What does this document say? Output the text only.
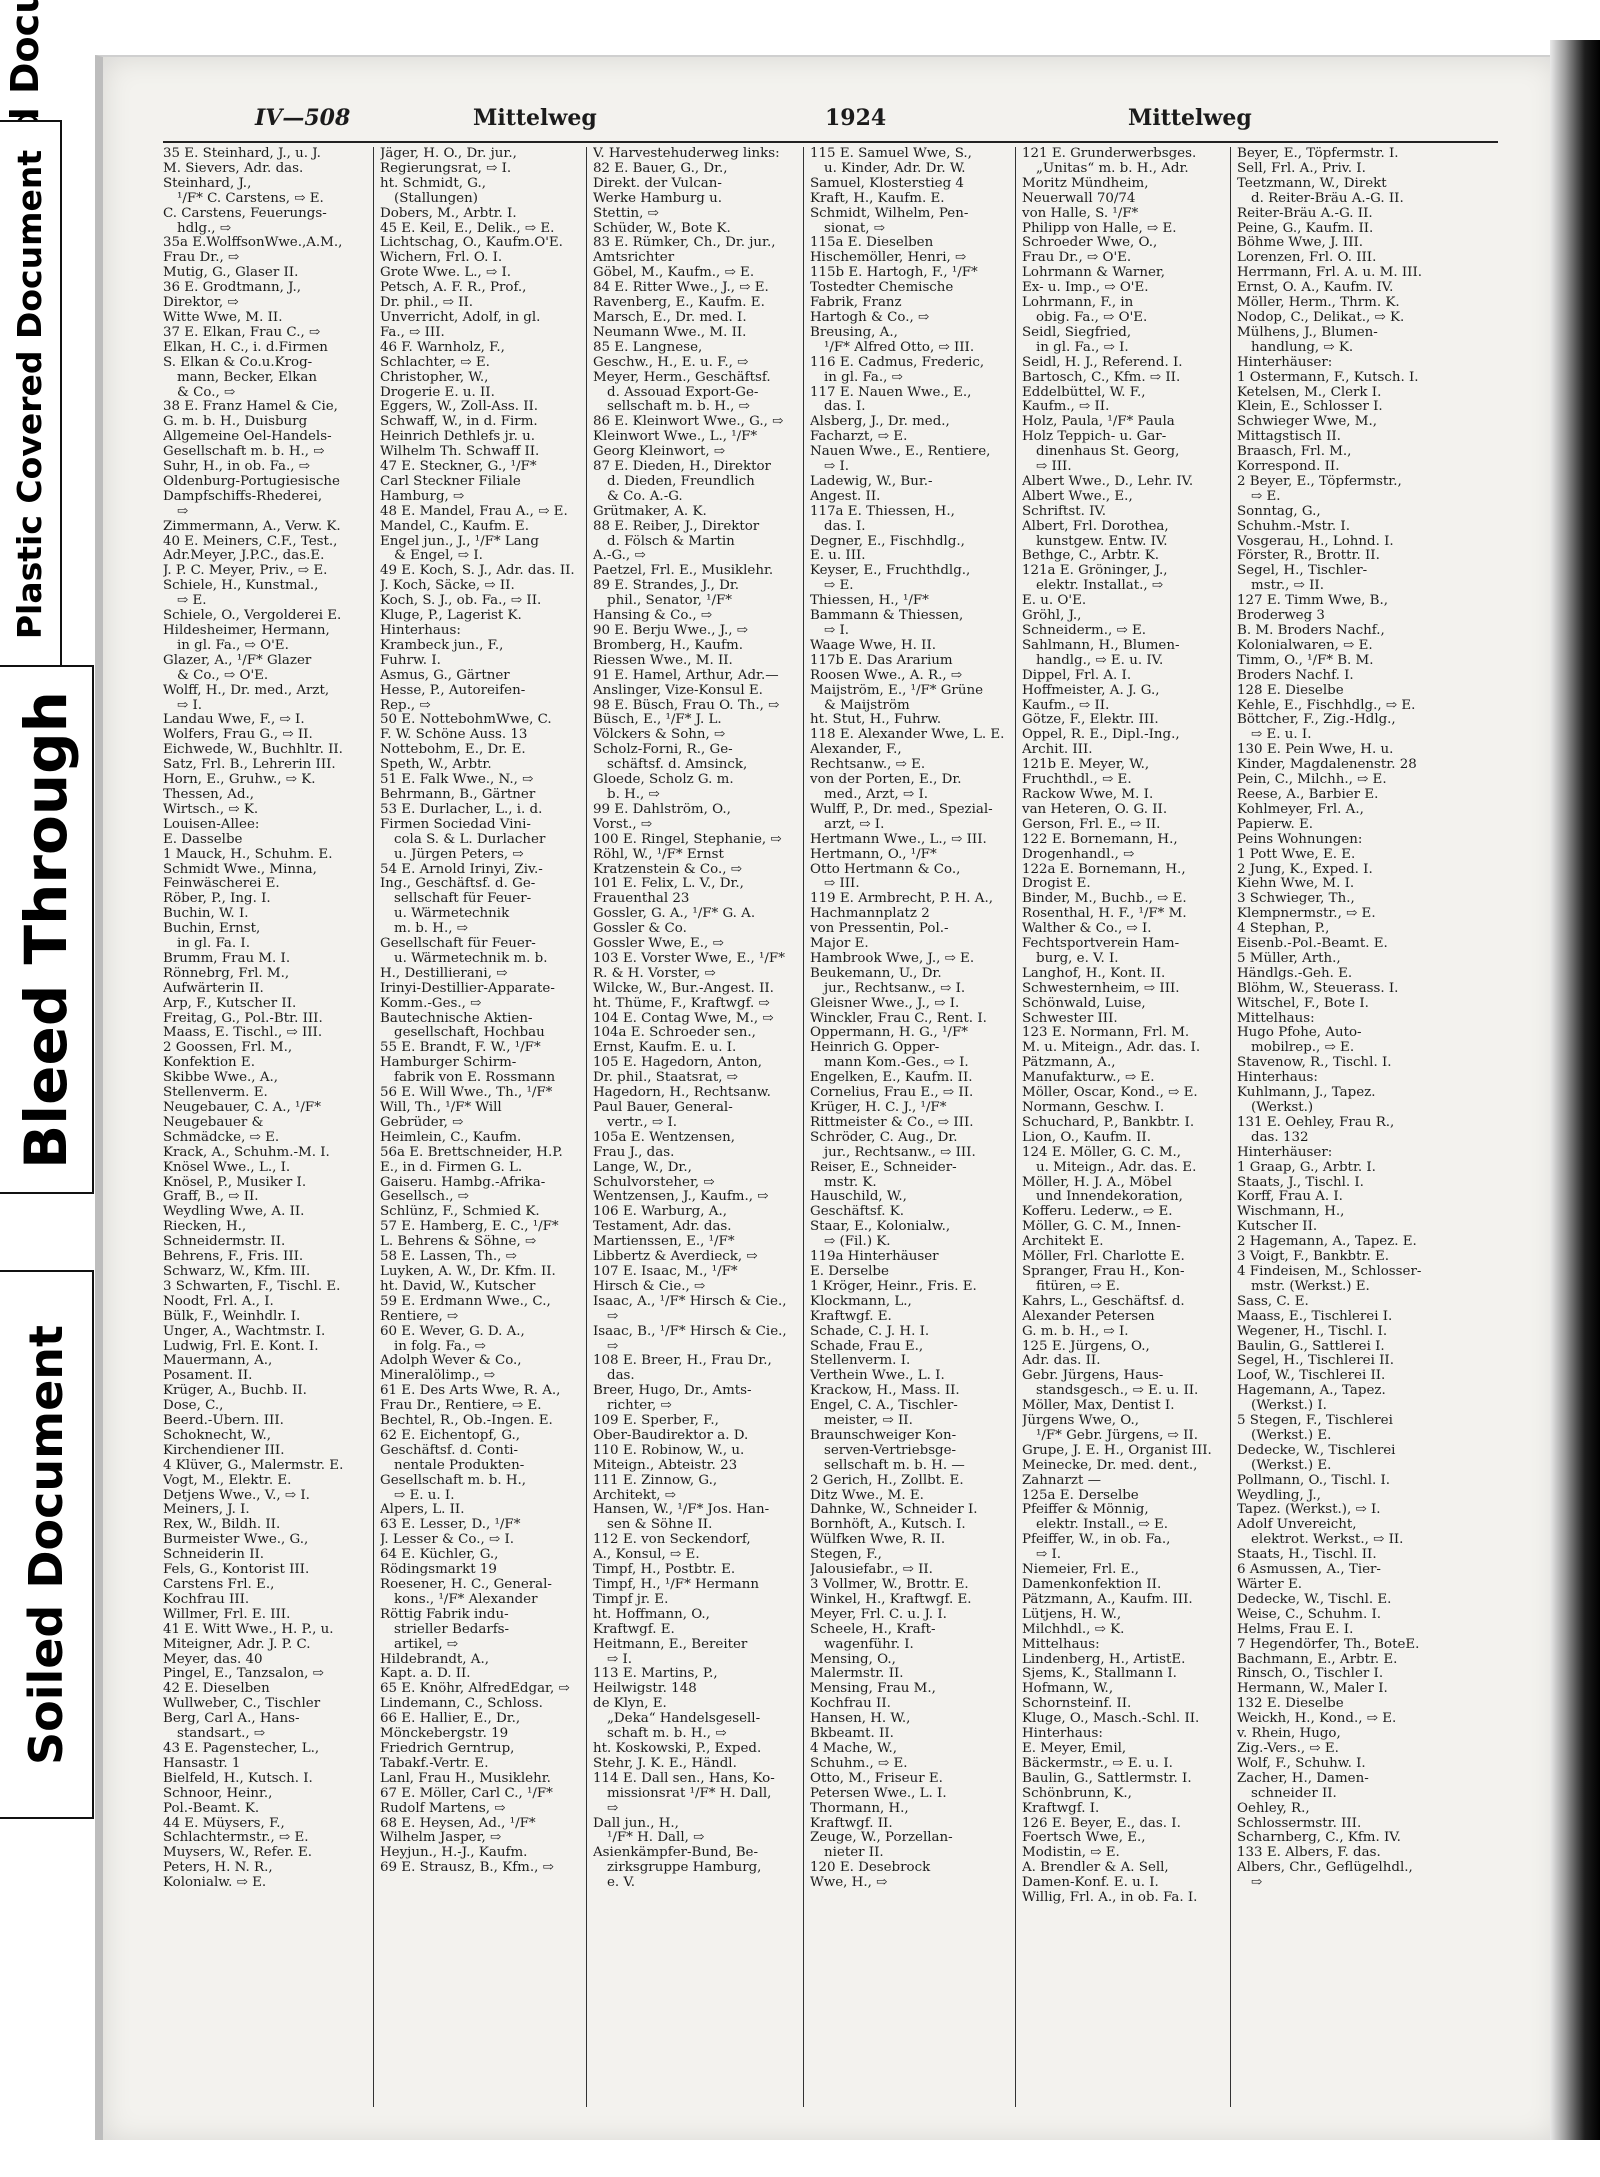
Plastic Covered Document
Bleed Through
Soiled Document
IV—508	Mittelweg	1924	Mittelweg
35 E. Steinhard, J., u. J.
M. Sievers, Adr. das.
Steinhard, J.,
¹/F* C. Carstens, ⇨ E.
C. Carstens, Feuerungs-
hdlg., ⇨
35a E.WolffsonWwe.,A.M.,
Frau Dr., ⇨
Mutig, G., Glaser II.
36 E. Grodtmann, J.,
Direktor, ⇨
Witte Wwe, M. II.
37 E. Elkan, Frau C., ⇨
Elkan, H. C., i. d.Firmen
S. Elkan & Co.u.Krog-
mann, Becker, Elkan
& Co., ⇨
38 E. Franz Hamel & Cie,
G. m. b. H., Duisburg
Allgemeine Oel-Handels-
Gesellschaft m. b. H., ⇨
Suhr, H., in ob. Fa., ⇨
Oldenburg-Portugiesische
Dampfschiffs-Rhederei,
⇨
Zimmermann, A., Verw. K.
40 E. Meiners, C.F., Test.,
Adr.Meyer, J.P.C., das.E.
J. P. C. Meyer, Priv., ⇨ E.
Schiele, H., Kunstmal.,
⇨ E.
Schiele, O., Vergolderei E.
Hildesheimer, Hermann,
in gl. Fa., ⇨ O'E.
Glazer, A., ¹/F* Glazer
& Co., ⇨ O'E.
Wolff, H., Dr. med., Arzt,
⇨ I.
Landau Wwe, F., ⇨ I.
Wolfers, Frau G., ⇨ II.
Eichwede, W., Buchhltr. II.
Satz, Frl. B., Lehrerin III.
Horn, E., Gruhw., ⇨ K.
Thessen, Ad.,
Wirtsch., ⇨ K.
Louisen-Allee:
E. Dasselbe
1 Mauck, H., Schuhm. E.
Schmidt Wwe., Minna,
Feinwäscherei E.
Röber, P., Ing. I.
Buchin, W. I.
Buchin, Ernst,
in gl. Fa. I.
Brumm, Frau M. I.
Rönnebrg, Frl. M.,
Aufwärterin II.
Arp, F., Kutscher II.
Freitag, G., Pol.-Btr. III.
Maass, E. Tischl., ⇨ III.
2 Goossen, Frl. M.,
Konfektion E.
Skibbe Wwe., A.,
Stellenverm. E.
Neugebauer, C. A., ¹/F*
Neugebauer &
Schmädcke, ⇨ E.
Krack, A., Schuhm.-M. I.
Knösel Wwe., L., I.
Knösel, P., Musiker I.
Graff, B., ⇨ II.
Weydling Wwe, A. II.
Riecken, H.,
Schneidermstr. II.
Behrens, F., Fris. III.
Schwarz, W., Kfm. III.
3 Schwarten, F., Tischl. E.
Noodt, Frl. A., I.
Bülk, F., Weinhdlr. I.
Unger, A., Wachtmstr. I.
Ludwig, Frl. E. Kont. I.
Mauermann, A.,
Posament. II.
Krüger, A., Buchb. II.
Dose, C.,
Beerd.-Übern. III.
Schoknecht, W.,
Kirchendiener III.
4 Klüver, G., Malermstr. E.
Vogt, M., Elektr. E.
Detjens Wwe., V., ⇨ I.
Meiners, J. I.
Rex, W., Bildh. II.
Burmeister Wwe., G.,
Schneiderin II.
Fels, G., Kontorist III.
Carstens Frl. E.,
Kochfrau III.
Willmer, Frl. E. III.
41 E. Witt Wwe., H. P., u.
Miteigner, Adr. J. P. C.
Meyer, das. 40
Pingel, E., Tanzsalon, ⇨
42 E. Dieselben
Wullweber, C., Tischler
Berg, Carl A., Hans-
standsart., ⇨
43 E. Pagenstecher, L.,
Hansastr. 1
Bielfeld, H., Kutsch. I.
Schnoor, Heinr.,
Pol.-Beamt. K.
44 E. Müysers, F.,
Schlachtermstr., ⇨ E.
Muysers, W., Refer. E.
Peters, H. N. R.,
Kolonialw. ⇨ E.
Jäger, H. O., Dr. jur.,
Regierungsrat, ⇨ I.
ht. Schmidt, G.,
(Stallungen)
Dobers, M., Arbtr. I.
45 E. Keil, E., Delik., ⇨ E.
Lichtschag, O., Kaufm.O'E.
Wichern, Frl. O. I.
Grote Wwe. L., ⇨ I.
Petsch, A. F. R., Prof.,
Dr. phil., ⇨ II.
Unverricht, Adolf, in gl.
Fa., ⇨ III.
46 F. Warnholz, F.,
Schlachter, ⇨ E.
Christopher, W.,
Drogerie E. u. II.
Eggers, W., Zoll-Ass. II.
Schwaff, W., in d. Firm.
Heinrich Dethlefs jr. u.
Wilhelm Th. Schwaff II.
47 E. Steckner, G., ¹/F*
Carl Steckner Filiale
Hamburg, ⇨
48 E. Mandel, Frau A., ⇨ E.
Mandel, C., Kaufm. E.
Engel jun., J., ¹/F* Lang
& Engel, ⇨ I.
49 E. Koch, S. J., Adr. das. II.
J. Koch, Säcke, ⇨ II.
Koch, S. J., ob. Fa., ⇨ II.
Kluge, P., Lagerist K.
Hinterhaus:
Krambeck jun., F.,
Fuhrw. I.
Asmus, G., Gärtner
Hesse, P., Autoreifen-
Rep., ⇨
50 E. NottebohmWwe, C.
F. W. Schöne Auss. 13
Nottebohm, E., Dr. E.
Speth, W., Arbtr.
51 E. Falk Wwe., N., ⇨
Behrmann, B., Gärtner
53 E. Durlacher, L., i. d.
Firmen Sociedad Vini-
cola S. & L. Durlacher
u. Jürgen Peters, ⇨
54 E. Arnold Irinyi, Ziv.-
Ing., Geschäftsf. d. Ge-
sellschaft für Feuer-
u. Wärmetechnik
m. b. H., ⇨
Gesellschaft für Feuer-
u. Wärmetechnik m. b.
H., Destillierani, ⇨
Irinyi-Destillier-Apparate-
Komm.-Ges., ⇨
Bautechnische Aktien-
gesellschaft, Hochbau
55 E. Brandt, F. W., ¹/F*
Hamburger Schirm-
fabrik von E. Rossmann
56 E. Will Wwe., Th., ¹/F*
Will, Th., ¹/F* Will
Gebrüder, ⇨
Heimlein, C., Kaufm.
56a E. Brettschneider, H.P.
E., in d. Firmen G. L.
Gaiseru. Hambg.-Afrika-
Gesellsch., ⇨
Schlünz, F., Schmied K.
57 E. Hamberg, E. C., ¹/F*
L. Behrens & Söhne, ⇨
58 E. Lassen, Th., ⇨
Luyken, A. W., Dr. Kfm. II.
ht. David, W., Kutscher
59 E. Erdmann Wwe., C.,
Rentiere, ⇨
60 E. Wever, G. D. A.,
in folg. Fa., ⇨
Adolph Wever & Co.,
Mineralölimp., ⇨
61 E. Des Arts Wwe, R. A.,
Frau Dr., Rentiere, ⇨ E.
Bechtel, R., Ob.-Ingen. E.
62 E. Eichentopf, G.,
Geschäftsf. d. Conti-
nentale Produkten-
Gesellschaft m. b. H.,
⇨ E. u. I.
Alpers, L. II.
63 E. Lesser, D., ¹/F*
J. Lesser & Co., ⇨ I.
64 E. Küchler, G.,
Rödingsmarkt 19
Roesener, H. C., General-
kons., ¹/F* Alexander
Röttig Fabrik indu-
strieller Bedarfs-
artikel, ⇨
Hildebrandt, A.,
Kapt. a. D. II.
65 E. Knöhr, AlfredEdgar, ⇨
Lindemann, C., Schloss.
66 E. Hallier, E., Dr.,
Mönckebergstr. 19
Friedrich Gerntrup,
Tabakf.-Vertr. E.
Lanl, Frau H., Musiklehr.
67 E. Möller, Carl C., ¹/F*
Rudolf Martens, ⇨
68 E. Heysen, Ad., ¹/F*
Wilhelm Jasper, ⇨
Heyjun., H.-J., Kaufm.
69 E. Strausz, B., Kfm., ⇨
V. Harvestehuderweg links:
82 E. Bauer, G., Dr.,
Direkt. der Vulcan-
Werke Hamburg u.
Stettin, ⇨
Schüder, W., Bote K.
83 E. Rümker, Ch., Dr. jur.,
Amtsrichter
Göbel, M., Kaufm., ⇨ E.
84 E. Ritter Wwe., J., ⇨ E.
Ravenberg, E., Kaufm. E.
Marsch, E., Dr. med. I.
Neumann Wwe., M. II.
85 E. Langnese,
Geschw., H., E. u. F., ⇨
Meyer, Herm., Geschäftsf.
d. Assouad Export-Ge-
sellschaft m. b. H., ⇨
86 E. Kleinwort Wwe., G., ⇨
Kleinwort Wwe., L., ¹/F*
Georg Kleinwort, ⇨
87 E. Dieden, H., Direktor
d. Dieden, Freundlich
& Co. A.-G.
Grütmaker, A. K.
88 E. Reiber, J., Direktor
d. Fölsch & Martin
A.-G., ⇨
Paetzel, Frl. E., Musiklehr.
89 E. Strandes, J., Dr.
phil., Senator, ¹/F*
Hansing & Co., ⇨
90 E. Berju Wwe., J., ⇨
Bromberg, H., Kaufm.
Riessen Wwe., M. II.
91 E. Hamel, Arthur, Adr.—
Anslinger, Vize-Konsul E.
98 E. Büsch, Frau O. Th., ⇨
Büsch, E., ¹/F* J. L.
Völckers & Sohn, ⇨
Scholz-Forni, R., Ge-
schäftsf. d. Amsinck,
Gloede, Scholz G. m.
b. H., ⇨
99 E. Dahlström, O.,
Vorst., ⇨
100 E. Ringel, Stephanie, ⇨
Röhl, W., ¹/F* Ernst
Kratzenstein & Co., ⇨
101 E. Felix, L. V., Dr.,
Frauenthal 23
Gossler, G. A., ¹/F* G. A.
Gossler & Co.
Gossler Wwe, E., ⇨
103 E. Vorster Wwe, E., ¹/F*
R. & H. Vorster, ⇨
Wilcke, W., Bur.-Angest. II.
ht. Thüme, F., Kraftwgf. ⇨
104 E. Contag Wwe, M., ⇨
104a E. Schroeder sen.,
Ernst, Kaufm. E. u. I.
105 E. Hagedorn, Anton,
Dr. phil., Staatsrat, ⇨
Hagedorn, H., Rechtsanw.
Paul Bauer, General-
vertr., ⇨ I.
105a E. Wentzensen,
Frau J., das.
Lange, W., Dr.,
Schulvorsteher, ⇨
Wentzensen, J., Kaufm., ⇨
106 E. Warburg, A.,
Testament, Adr. das.
Martienssen, E., ¹/F*
Libbertz & Averdieck, ⇨
107 E. Isaac, M., ¹/F*
Hirsch & Cie., ⇨
Isaac, A., ¹/F* Hirsch & Cie.,
⇨
Isaac, B., ¹/F* Hirsch & Cie.,
⇨
108 E. Breer, H., Frau Dr.,
das.
Breer, Hugo, Dr., Amts-
richter, ⇨
109 E. Sperber, F.,
Ober-Baudirektor a. D.
110 E. Robinow, W., u.
Miteign., Abteistr. 23
111 E. Zinnow, G.,
Architekt, ⇨
Hansen, W., ¹/F* Jos. Han-
sen & Söhne II.
112 E. von Seckendorf,
A., Konsul, ⇨ E.
Timpf, H., Postbtr. E.
Timpf, H., ¹/F* Hermann
Timpf jr. E.
ht. Hoffmann, O.,
Kraftwgf. E.
Heitmann, E., Bereiter
⇨ I.
113 E. Martins, P.,
Heilwigstr. 148
de Klyn, E.
„Deka“ Handelsgesell-
schaft m. b. H., ⇨
ht. Koskowski, P., Exped.
Stehr, J. K. E., Händl.
114 E. Dall sen., Hans, Ko-
missionsrat ¹/F* H. Dall,
⇨
Dall jun., H.,
¹/F* H. Dall, ⇨
Asienkämpfer-Bund, Be-
zirksgruppe Hamburg,
e. V.
115 E. Samuel Wwe, S.,
u. Kinder, Adr. Dr. W.
Samuel, Klosterstieg 4
Kraft, H., Kaufm. E.
Schmidt, Wilhelm, Pen-
sionat, ⇨
115a E. Dieselben
Hischemöller, Henri, ⇨
115b E. Hartogh, F., ¹/F*
Tostedter Chemische
Fabrik, Franz
Hartogh & Co., ⇨
Breusing, A.,
¹/F* Alfred Otto, ⇨ III.
116 E. Cadmus, Frederic,
in gl. Fa., ⇨
117 E. Nauen Wwe., E.,
das. I.
Alsberg, J., Dr. med.,
Facharzt, ⇨ E.
Nauen Wwe., E., Rentiere,
⇨ I.
Ladewig, W., Bur.-
Angest. II.
117a E. Thiessen, H.,
das. I.
Degner, E., Fischhdlg.,
E. u. III.
Keyser, E., Fruchthdlg.,
⇨ E.
Thiessen, H., ¹/F*
Bammann & Thiessen,
⇨ I.
Waage Wwe, H. II.
117b E. Das Ararium
Roosen Wwe., A. R., ⇨
Maijström, E., ¹/F* Grüne
& Maijström
ht. Stut, H., Fuhrw.
118 E. Alexander Wwe, L. E.
Alexander, F.,
Rechtsanw., ⇨ E.
von der Porten, E., Dr.
med., Arzt, ⇨ I.
Wulff, P., Dr. med., Spezial-
arzt, ⇨ I.
Hertmann Wwe., L., ⇨ III.
Hertmann, O., ¹/F*
Otto Hertmann & Co.,
⇨ III.
119 E. Armbrecht, P. H. A.,
Hachmannplatz 2
von Pressentin, Pol.-
Major E.
Hambrook Wwe, J., ⇨ E.
Beukemann, U., Dr.
jur., Rechtsanw., ⇨ I.
Gleisner Wwe., J., ⇨ I.
Winckler, Frau C., Rent. I.
Oppermann, H. G., ¹/F*
Heinrich G. Opper-
mann Kom.-Ges., ⇨ I.
Engelken, E., Kaufm. II.
Cornelius, Frau E., ⇨ II.
Krüger, H. C. J., ¹/F*
Rittmeister & Co., ⇨ III.
Schröder, C. Aug., Dr.
jur., Rechtsanw., ⇨ III.
Reiser, E., Schneider-
mstr. K.
Hauschild, W.,
Geschäftsf. K.
Staar, E., Kolonialw.,
⇨ (Fil.) K.
119a Hinterhäuser
E. Derselbe
1 Kröger, Heinr., Fris. E.
Klockmann, L.,
Kraftwgf. E.
Schade, C. J. H. I.
Schade, Frau E.,
Stellenverm. I.
Verthein Wwe., L. I.
Krackow, H., Mass. II.
Engel, C. A., Tischler-
meister, ⇨ II.
Braunschweiger Kon-
serven-Vertriebsge-
sellschaft m. b. H. —
2 Gerich, H., Zollbt. E.
Ditz Wwe., M. E.
Dahnke, W., Schneider I.
Bornhöft, A., Kutsch. I.
Wülfken Wwe, R. II.
Stegen, F.,
Jalousiefabr., ⇨ II.
3 Vollmer, W., Brottr. E.
Winkel, H., Kraftwgf. E.
Meyer, Frl. C. u. J. I.
Scheele, H., Kraft-
wagenführ. I.
Mensing, O.,
Malermstr. II.
Mensing, Frau M.,
Kochfrau II.
Hansen, H. W.,
Bkbeamt. II.
4 Mache, W.,
Schuhm., ⇨ E.
Otto, M., Friseur E.
Petersen Wwe., L. I.
Thormann, H.,
Kraftwgf. II.
Zeuge, W., Porzellan-
nieter II.
120 E. Desebrock
Wwe, H., ⇨
121 E. Grunderwerbsges.
„Unitas“ m. b. H., Adr.
Moritz Mündheim,
Neuerwall 70/74
von Halle, S. ¹/F*
Philipp von Halle, ⇨ E.
Schroeder Wwe, O.,
Frau Dr., ⇨ O'E.
Lohrmann & Warner,
Ex- u. Imp., ⇨ O'E.
Lohrmann, F., in
obig. Fa., ⇨ O'E.
Seidl, Siegfried,
in gl. Fa., ⇨ I.
Seidl, H. J., Referend. I.
Bartosch, C., Kfm. ⇨ II.
Eddelbüttel, W. F.,
Kaufm., ⇨ II.
Holz, Paula, ¹/F* Paula
Holz Teppich- u. Gar-
dinenhaus St. Georg,
⇨ III.
Albert Wwe., D., Lehr. IV.
Albert Wwe., E.,
Schriftst. IV.
Albert, Frl. Dorothea,
kunstgew. Entw. IV.
Bethge, C., Arbtr. K.
121a E. Gröninger, J.,
elektr. Installat., ⇨
E. u. O'E.
Gröhl, J.,
Schneiderm., ⇨ E.
Sahlmann, H., Blumen-
handlg., ⇨ E. u. IV.
Dippel, Frl. A. I.
Hoffmeister, A. J. G.,
Kaufm., ⇨ II.
Götze, F., Elektr. III.
Oppel, R. E., Dipl.-Ing.,
Archit. III.
121b E. Meyer, W.,
Fruchthdl., ⇨ E.
Rackow Wwe, M. I.
van Heteren, O. G. II.
Gerson, Frl. E., ⇨ II.
122 E. Bornemann, H.,
Drogenhandl., ⇨
122a E. Bornemann, H.,
Drogist E.
Binder, M., Buchb., ⇨ E.
Rosenthal, H. F., ¹/F* M.
Walther & Co., ⇨ I.
Fechtsportverein Ham-
burg, e. V. I.
Langhof, H., Kont. II.
Schwesternheim, ⇨ III.
Schönwald, Luise,
Schwester III.
123 E. Normann, Frl. M.
M. u. Miteign., Adr. das. I.
Pätzmann, A.,
Manufakturw., ⇨ E.
Möller, Oscar, Kond., ⇨ E.
Normann, Geschw. I.
Schuchard, P., Bankbtr. I.
Lion, O., Kaufm. II.
124 E. Möller, G. C. M.,
u. Miteign., Adr. das. E.
Möller, H. J. A., Möbel
und Innendekoration,
Kofferu. Lederw., ⇨ E.
Möller, G. C. M., Innen-
Architekt E.
Möller, Frl. Charlotte E.
Spranger, Frau H., Kon-
fitüren, ⇨ E.
Kahrs, L., Geschäftsf. d.
Alexander Petersen
G. m. b. H., ⇨ I.
125 E. Jürgens, O.,
Adr. das. II.
Gebr. Jürgens, Haus-
standsgesch., ⇨ E. u. II.
Möller, Max, Dentist I.
Jürgens Wwe, O.,
¹/F* Gebr. Jürgens, ⇨ II.
Grupe, J. E. H., Organist III.
Meinecke, Dr. med. dent.,
Zahnarzt —
125a E. Derselbe
Pfeiffer & Mönnig,
elektr. Install., ⇨ E.
Pfeiffer, W., in ob. Fa.,
⇨ I.
Niemeier, Frl. E.,
Damenkonfektion II.
Pätzmann, A., Kaufm. III.
Lütjens, H. W.,
Milchhdl., ⇨ K.
Mittelhaus:
Lindenberg, H., ArtistE.
Sjems, K., Stallmann I.
Hofmann, W.,
Schornsteinf. II.
Kluge, O., Masch.-Schl. II.
Hinterhaus:
E. Meyer, Emil,
Bäckermstr., ⇨ E. u. I.
Baulin, G., Sattlermstr. I.
Schönbrunn, K.,
Kraftwgf. I.
126 E. Beyer, E., das. I.
Foertsch Wwe, E.,
Modistin, ⇨ E.
A. Brendler & A. Sell,
Damen-Konf. E. u. I.
Willig, Frl. A., in ob. Fa. I.
Beyer, E., Töpfermstr. I.
Sell, Frl. A., Priv. I.
Teetzmann, W., Direkt
d. Reiter-Bräu A.-G. II.
Reiter-Bräu A.-G. II.
Peine, G., Kaufm. II.
Böhme Wwe, J. III.
Lorenzen, Frl. O. III.
Herrmann, Frl. A. u. M. III.
Ernst, O. A., Kaufm. IV.
Möller, Herm., Thrm. K.
Nodop, C., Delikat., ⇨ K.
Mülhens, J., Blumen-
handlung, ⇨ K.
Hinterhäuser:
1 Ostermann, F., Kutsch. I.
Ketelsen, M., Clerk I.
Klein, E., Schlosser I.
Schwieger Wwe, M.,
Mittagstisch II.
Braasch, Frl. M.,
Korrespond. II.
2 Beyer, E., Töpfermstr.,
⇨ E.
Sonntag, G.,
Schuhm.-Mstr. I.
Vosgerau, H., Lohnd. I.
Förster, R., Brottr. II.
Segel, H., Tischler-
mstr., ⇨ II.
127 E. Timm Wwe, B.,
Broderweg 3
B. M. Broders Nachf.,
Kolonialwaren, ⇨ E.
Timm, O., ¹/F* B. M.
Broders Nachf. I.
128 E. Dieselbe
Kehle, E., Fischhdlg., ⇨ E.
Böttcher, F., Zig.-Hdlg.,
⇨ E. u. I.
130 E. Pein Wwe, H. u.
Kinder, Magdalenenstr. 28
Pein, C., Milchh., ⇨ E.
Reese, A., Barbier E.
Kohlmeyer, Frl. A.,
Papierw. E.
Peins Wohnungen:
1 Pott Wwe, E. E.
2 Jung, K., Exped. I.
Kiehn Wwe, M. I.
3 Schwieger, Th.,
Klempnermstr., ⇨ E.
4 Stephan, P.,
Eisenb.-Pol.-Beamt. E.
5 Müller, Arth.,
Händlgs.-Geh. E.
Blöhm, W., Steuerass. I.
Witschel, F., Bote I.
Mittelhaus:
Hugo Pfohe, Auto-
mobilrep., ⇨ E.
Stavenow, R., Tischl. I.
Hinterhaus:
Kuhlmann, J., Tapez.
(Werkst.)
131 E. Oehley, Frau R.,
das. 132
Hinterhäuser:
1 Graap, G., Arbtr. I.
Staats, J., Tischl. I.
Korff, Frau A. I.
Wischmann, H.,
Kutscher II.
2 Hagemann, A., Tapez. E.
3 Voigt, F., Bankbtr. E.
4 Findeisen, M., Schlosser-
mstr. (Werkst.) E.
Sass, C. E.
Maass, E., Tischlerei I.
Wegener, H., Tischl. I.
Baulin, G., Sattlerei I.
Segel, H., Tischlerei II.
Loof, W., Tischlerei II.
Hagemann, A., Tapez.
(Werkst.) I.
5 Stegen, F., Tischlerei
(Werkst.) E.
Dedecke, W., Tischlerei
(Werkst.) E.
Pollmann, O., Tischl. I.
Weydling, J.,
Tapez. (Werkst.), ⇨ I.
Adolf Unvereicht,
elektrot. Werkst., ⇨ II.
Staats, H., Tischl. II.
6 Asmussen, A., Tier-
Wärter E.
Dedecke, W., Tischl. E.
Weise, C., Schuhm. I.
Helms, Frau E. I.
7 Hegendörfer, Th., BoteE.
Bachmann, E., Arbtr. E.
Rinsch, O., Tischler I.
Hermann, W., Maler I.
132 E. Dieselbe
Weickh, H., Kond., ⇨ E.
v. Rhein, Hugo,
Zig.-Vers., ⇨ E.
Wolf, F., Schuhw. I.
Zacher, H., Damen-
schneider II.
Oehley, R.,
Schlossermstr. III.
Scharnberg, C., Kfm. IV.
133 E. Albers, F. das.
Albers, Chr., Geflügelhdl.,
⇨
